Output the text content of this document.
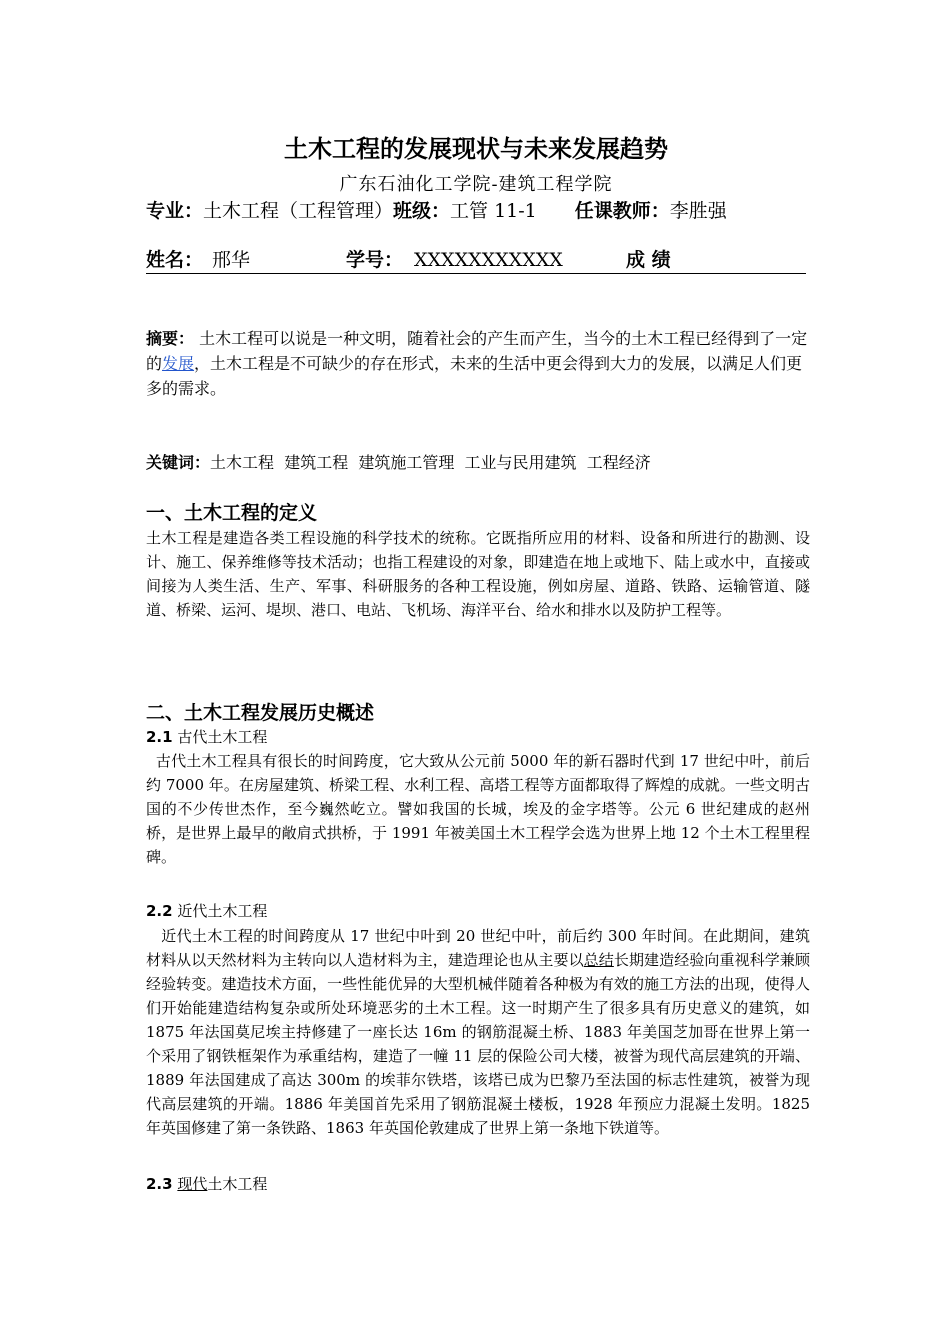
土木工程的发展现状与未来发展趋势
广东石油化工学院-建筑工程学院
专业：土木工程（工程管理）班级：工管 11-1 任课教师：李胜强
姓名： 邢华	学号： XXXXXXXXXXX	成 绩
摘要： 土木工程可以说是一种文明，随着社会的产生而产生，当今的土木工程已经得到了一定的发展，土木工程是不可缺少的存在形式，未来的生活中更会得到大力的发展，以满足人们更多的需求。
关键词：土木工程  建筑工程  建筑施工管理  工业与民用建筑  工程经济
一、土木工程的定义
土木工程是建造各类工程设施的科学技术的统称。它既指所应用的材料、设备和所进行的勘测、设计、施工、保养维修等技术活动；也指工程建设的对象，即建造在地上或地下、陆上或水中，直接或间接为人类生活、生产、军事、科研服务的各种工程设施，例如房屋、道路、铁路、运输管道、隧道、桥梁、运河、堤坝、港口、电站、飞机场、海洋平台、给水和排水以及防护工程等。
二、土木工程发展历史概述
2.1 古代土木工程
古代土木工程具有很长的时间跨度，它大致从公元前 5000 年的新石器时代到 17 世纪中叶，前后约 7000 年。在房屋建筑、桥梁工程、水利工程、高塔工程等方面都取得了辉煌的成就。一些文明古国的不少传世杰作，至今巍然屹立。譬如我国的长城，埃及的金字塔等。公元 6 世纪建成的赵州桥，是世界上最早的敞肩式拱桥，于 1991 年被美国土木工程学会选为世界上地 12 个土木工程里程碑。
2.2 近代土木工程
近代土木工程的时间跨度从 17 世纪中叶到 20 世纪中叶，前后约 300 年时间。在此期间，建筑材料从以天然材料为主转向以人造材料为主，建造理论也从主要以总结长期建造经验向重视科学兼顾经验转变。建造技术方面，一些性能优异的大型机械伴随着各种极为有效的施工方法的出现，使得人们开始能建造结构复杂或所处环境恶劣的土木工程。这一时期产生了很多具有历史意义的建筑，如 1875 年法国莫尼埃主持修建了一座长达 16m 的钢筋混凝土桥、1883 年美国芝加哥在世界上第一个采用了钢铁框架作为承重结构，建造了一幢 11 层的保险公司大楼，被誉为现代高层建筑的开端、1889 年法国建成了高达 300m 的埃菲尔铁塔，该塔已成为巴黎乃至法国的标志性建筑，被誉为现代高层建筑的开端。1886 年美国首先采用了钢筋混凝土楼板，1928 年预应力混凝土发明。1825 年英国修建了第一条铁路、1863 年英国伦敦建成了世界上第一条地下铁道等。
2.3 现代土木工程
